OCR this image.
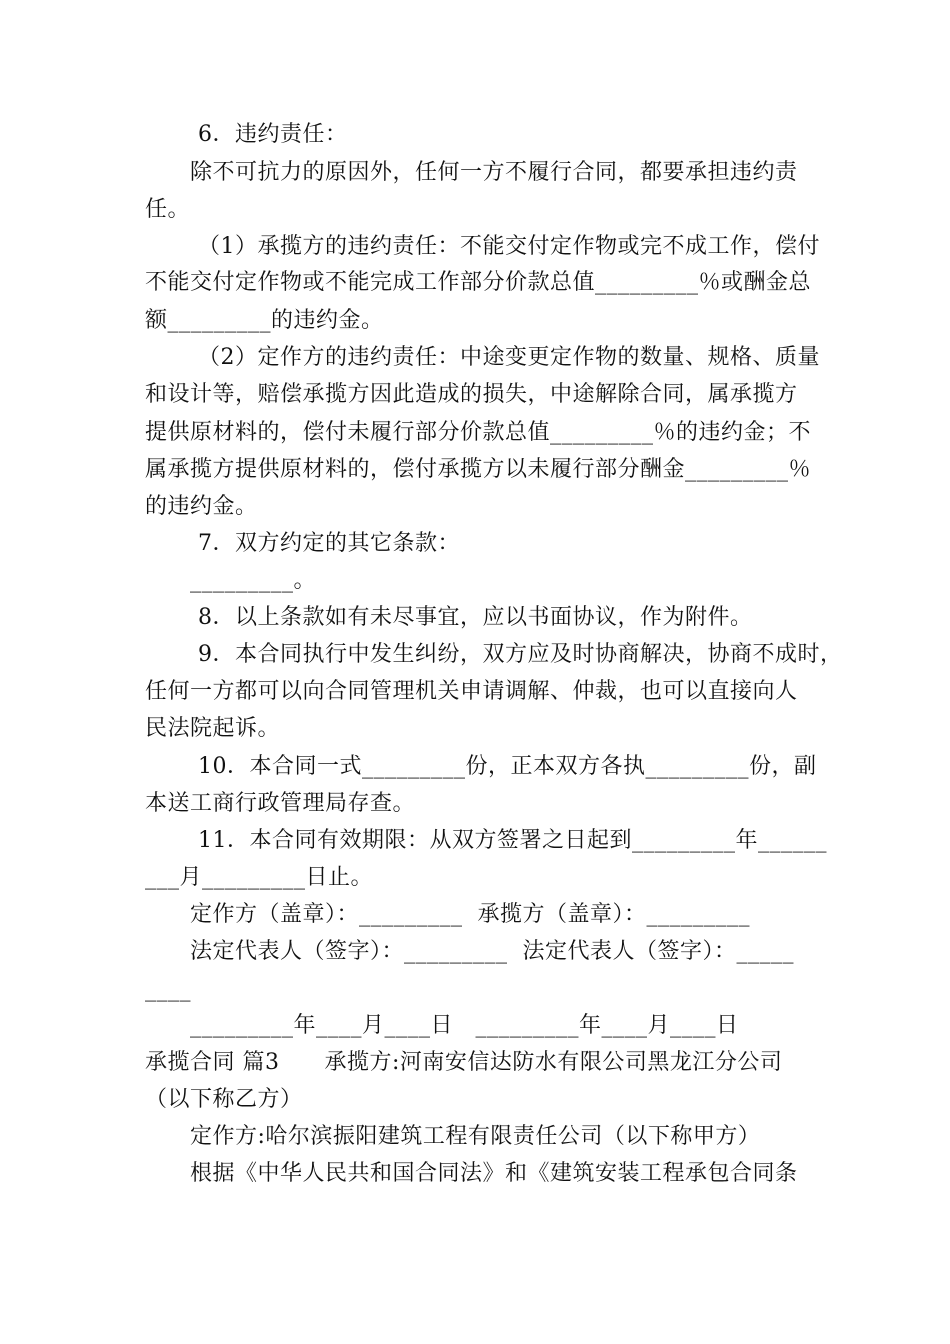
6．违约责任：
除不可抗力的原因外，任何一方不履行合同，都要承担违约责
任。
（1）承揽方的违约责任：不能交付定作物或完不成工作，偿付
不能交付定作物或不能完成工作部分价款总值_________％或酬金总
额_________的违约金。
（2）定作方的违约责任：中途变更定作物的数量、规格、质量
和设计等，赔偿承揽方因此造成的损失，中途解除合同，属承揽方
提供原材料的，偿付未履行部分价款总值_________％的违约金；不
属承揽方提供原材料的，偿付承揽方以未履行部分酬金_________％
的违约金。
7．双方约定的其它条款：
_________。
8．以上条款如有未尽事宜，应以书面协议，作为附件。
9．本合同执行中发生纠纷，双方应及时协商解决，协商不成时，
任何一方都可以向合同管理机关申请调解、仲裁，也可以直接向人
民法院起诉。
10．本合同一式_________份，正本双方各执_________份，副
本送工商行政管理局存查。
11．本合同有效期限：从双方签署之日起到_________年______
___月_________日止。
定作方（盖章）：_________  承揽方（盖章）：_________
法定代表人（签字）：_________  法定代表人（签字）：_____
____
_________年____月____日   _________年____月____日
承揽合同 篇3      承揽方:河南安信达防水有限公司黑龙江分公司
（以下称乙方）
定作方:哈尔滨振阳建筑工程有限责任公司（以下称甲方）
根据《中华人民共和国合同法》和《建筑安装工程承包合同条
